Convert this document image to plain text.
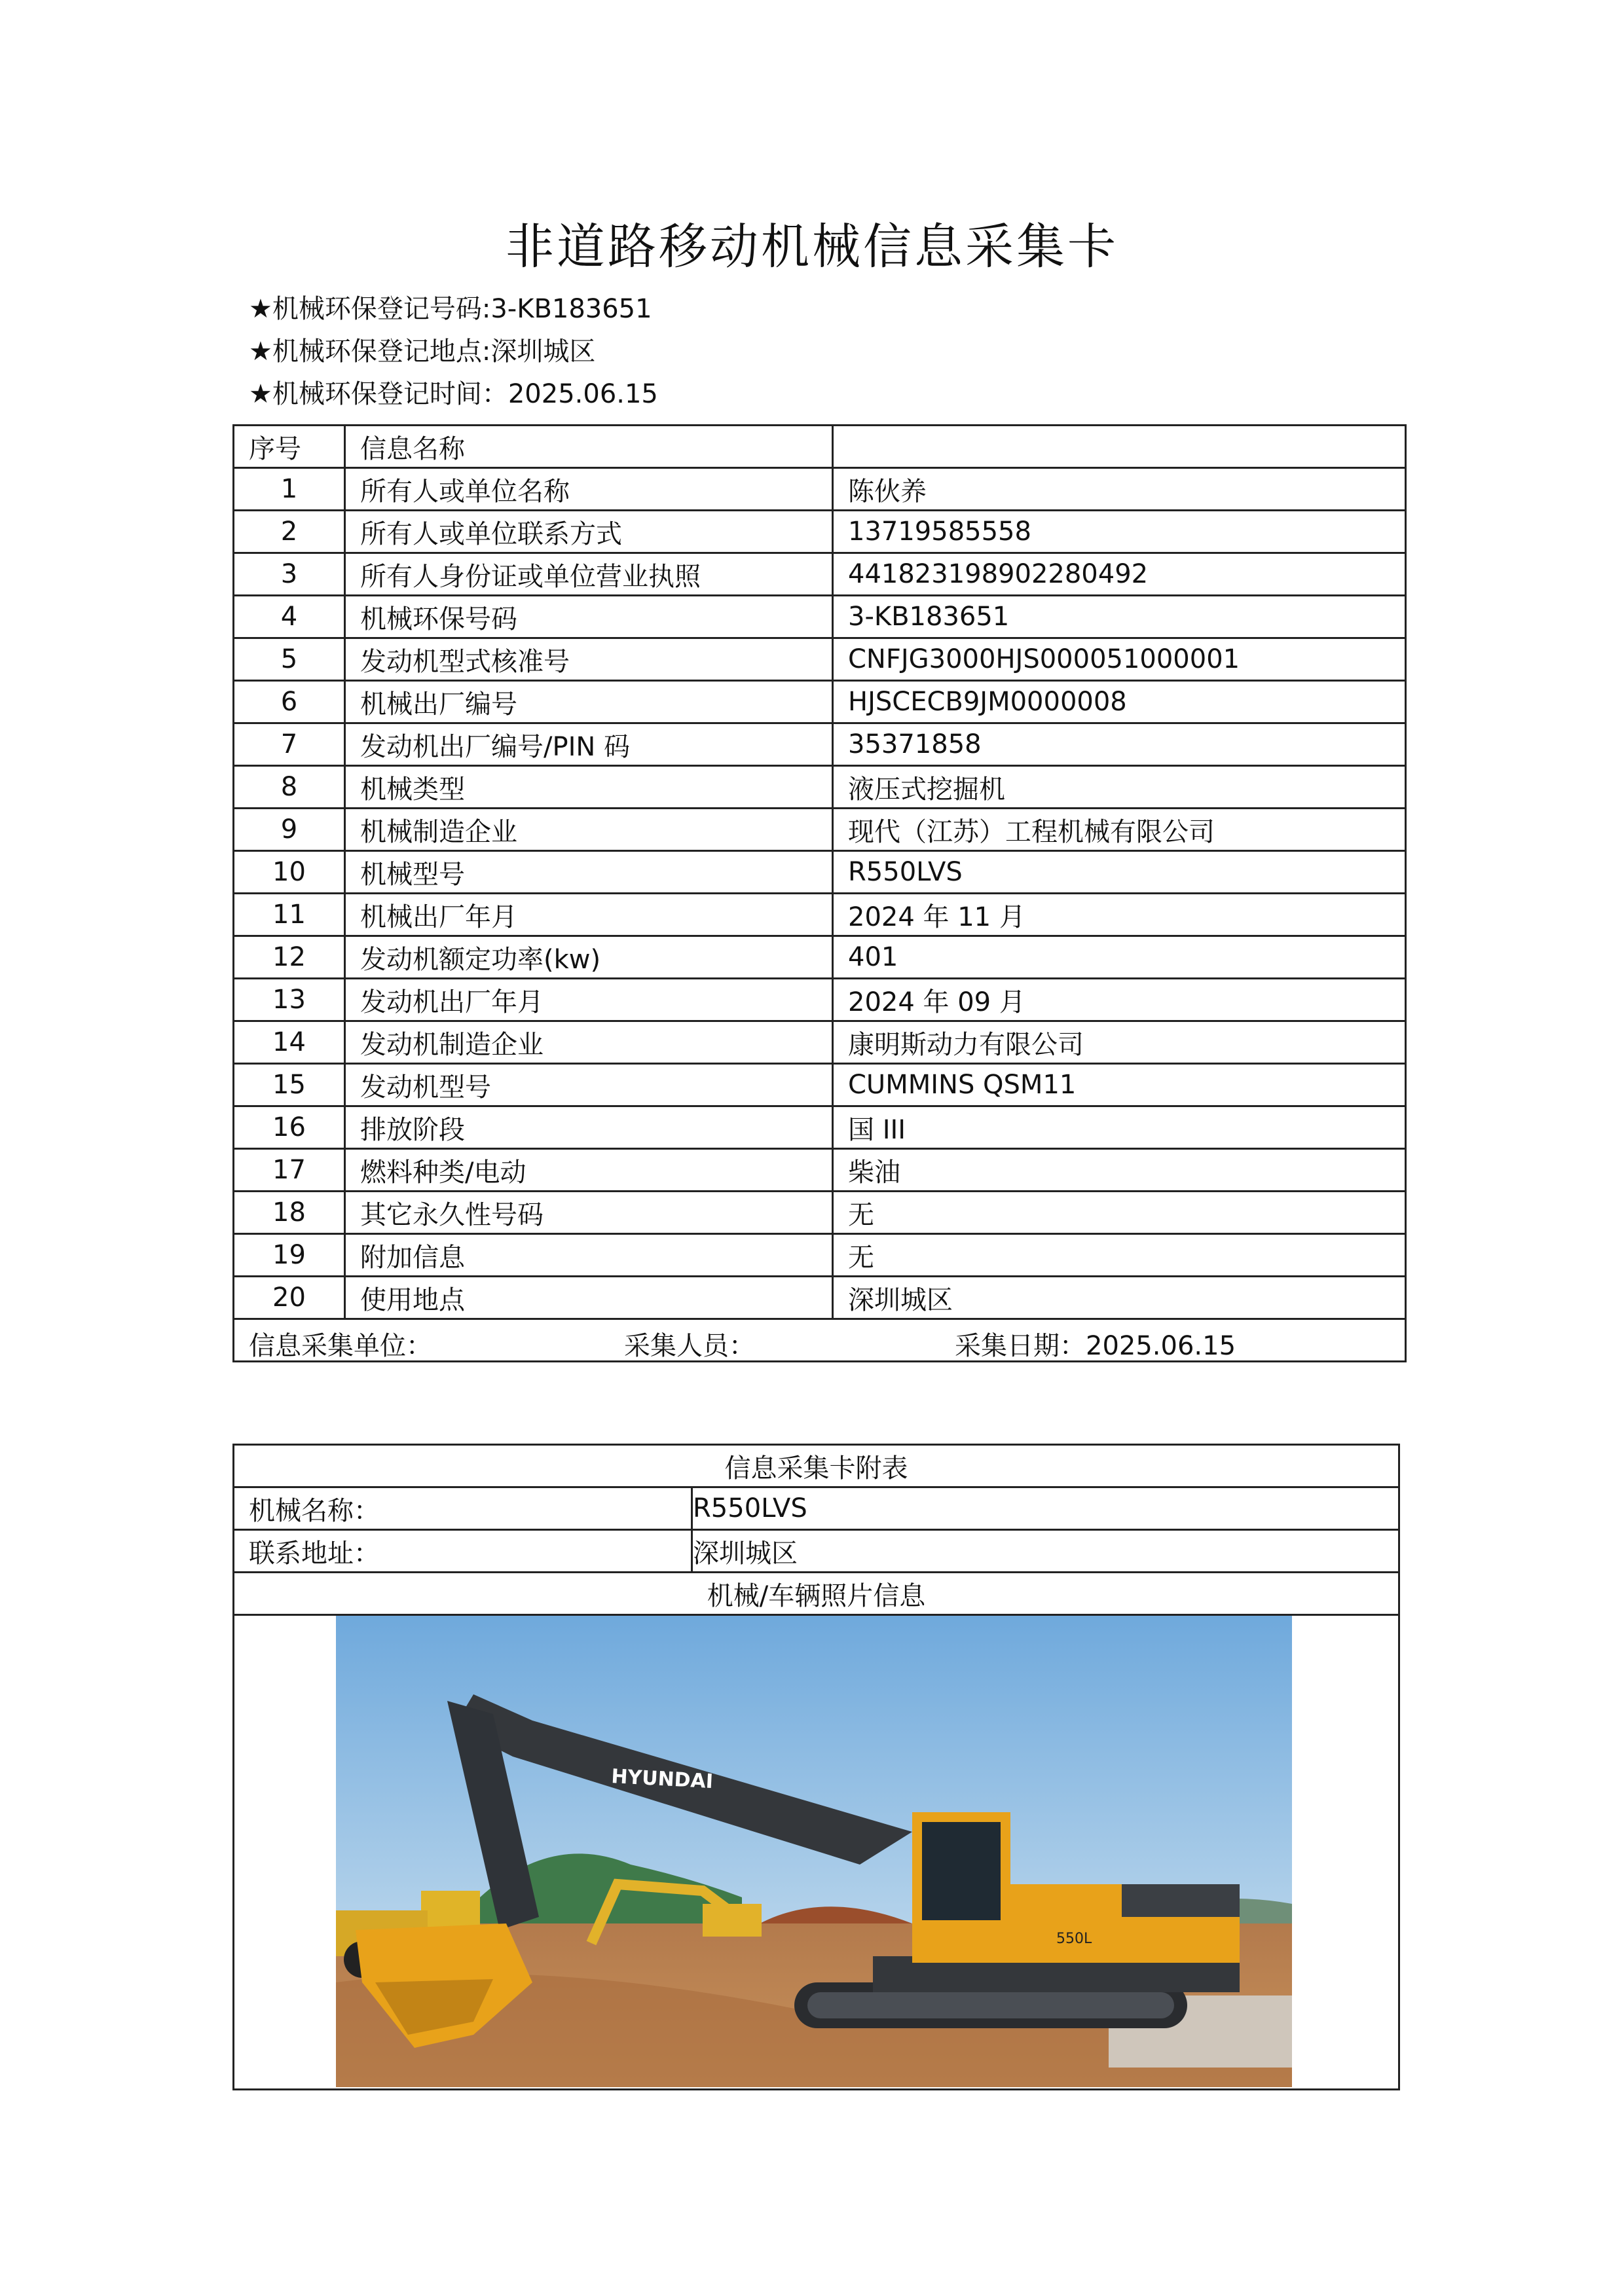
非道路移动机械信息采集卡
★机械环保登记号码:3-KB183651
★机械环保登记地点:深圳城区
★机械环保登记时间：2025.06.15
序号	信息名称	
1	所有人或单位名称	陈伙养
2	所有人或单位联系方式	13719585558
3	所有人身份证或单位营业执照	441823198902280492
4	机械环保号码	3-KB183651
5	发动机型式核准号	CNFJG3000HJS000051000001
6	机械出厂编号	HJSCECB9JM0000008
7	发动机出厂编号/PIN 码	35371858
8	机械类型	液压式挖掘机
9	机械制造企业	现代（江苏）工程机械有限公司
10	机械型号	R550LVS
11	机械出厂年月	2024 年 11 月
12	发动机额定功率(kw)	401
13	发动机出厂年月	2024 年 09 月
14	发动机制造企业	康明斯动力有限公司
15	发动机型号	CUMMINS QSM11
16	排放阶段	国 III
17	燃料种类/电动	柴油
18	其它永久性号码	无
19	附加信息	无
20	使用地点	深圳城区

信息采集单位： 采集人员： 采集日期：2025.06.15		
信息采集卡附表	
机械名称：	R550LVS
联系地址：	深圳城区
机械/车辆照片信息	

HYUNDAI
550L	
